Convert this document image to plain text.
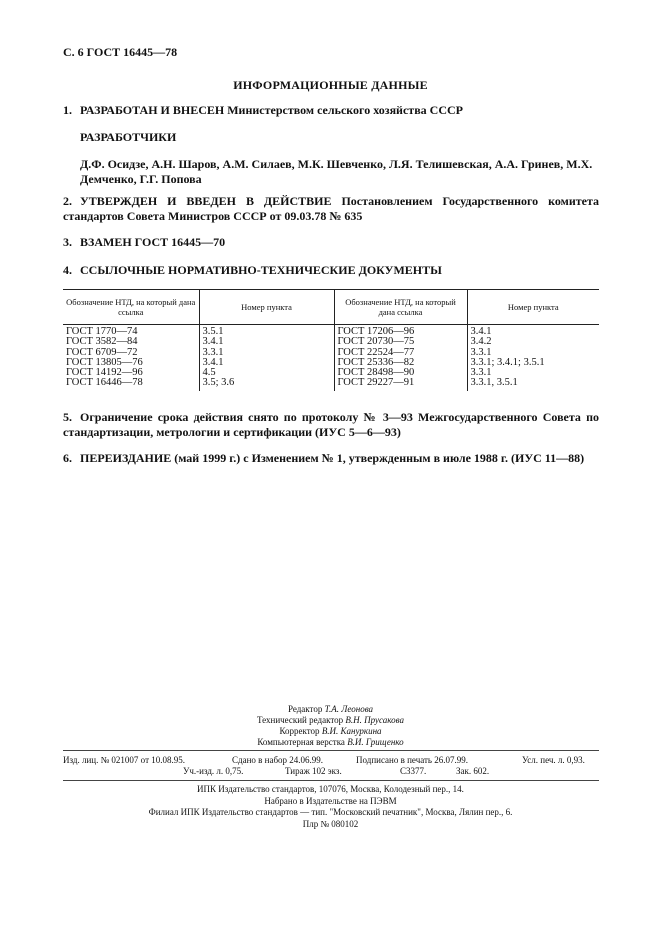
С. 6 ГОСТ 16445—78
ИНФОРМАЦИОННЫЕ ДАННЫЕ
1. РАЗРАБОТАН И ВНЕСЕН Министерством сельского хозяйства СССР
РАЗРАБОТЧИКИ
Д.Ф. Осидзе, А.Н. Шаров, А.М. Силаев, М.К. Шевченко, Л.Я. Телишевская, А.А. Гринев, М.Х. Демченко, Г.Г. Попова
2. УТВЕРЖДЕН И ВВЕДЕН В ДЕЙСТВИЕ Постановлением Государственного комитета стандартов Совета Министров СССР от 09.03.78 № 635
3. ВЗАМЕН ГОСТ 16445—70
4. ССЫЛОЧНЫЕ НОРМАТИВНО-ТЕХНИЧЕСКИЕ ДОКУМЕНТЫ
Обозначение НТД, на который дана ссылка	Номер пункта	Обозначение НТД, на который дана ссылка	Номер пункта
ГОСТ 1770—74	3.5.1	ГОСТ 17206—96	3.4.1
ГОСТ 3582—84	3.4.1	ГОСТ 20730—75	3.4.2
ГОСТ 6709—72	3.3.1	ГОСТ 22524—77	3.3.1
ГОСТ 13805—76	3.4.1	ГОСТ 25336—82	3.3.1; 3.4.1; 3.5.1
ГОСТ 14192—96	4.5	ГОСТ 28498—90	3.3.1
ГОСТ 16446—78	3.5; 3.6	ГОСТ 29227—91	3.3.1, 3.5.1
5. Ограничение срока действия снято по протоколу № 3—93 Межгосударственного Совета по стандартизации, метрологии и сертификации (ИУС 5—6—93)
6. ПЕРЕИЗДАНИЕ (май 1999 г.) с Изменением № 1, утвержденным в июле 1988 г. (ИУС 11—88)
Редактор Т.А. Леонова
Технический редактор В.Н. Прусакова
Корректор В.И. Кануркина
Компьютерная верстка В.И. Грищенко
Изд. лиц. № 021007 от 10.08.95.	Сдано в набор 24.06.99.	Подписано в печать 26.07.99.	Усл. печ. л. 0,93.
Уч.-изд. л. 0,75.	Тираж 102 экз.	С3377.	Зак. 602.
ИПК Издательство стандартов, 107076, Москва, Колодезный пер., 14.
Набрано в Издательстве на ПЭВМ
Филиал ИПК Издательство стандартов — тип. "Московский печатник", Москва, Лялин пер., 6.
Плр № 080102
